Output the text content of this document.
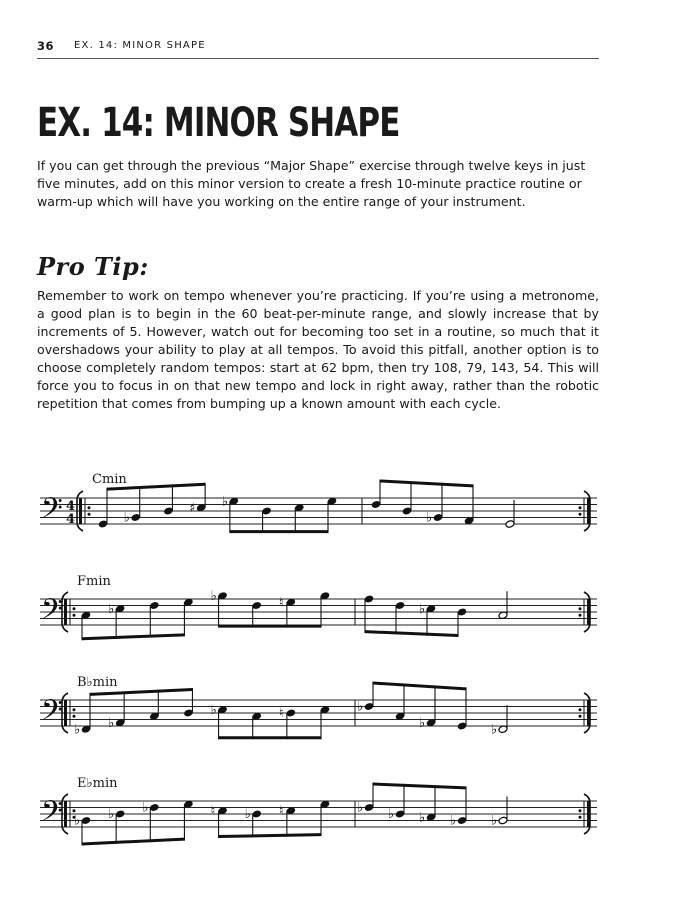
36 EX. 14: MINOR SHAPE
EX. 14: MINOR SHAPE

If you can get through the previous “Major Shape” exercise through twelve keys in just five minutes, add on this minor version to create a fresh 10-minute practice routine or warm-up which will have you working on the entire range of your instrument.

Pro Tip:

Remember to work on tempo whenever you’re practicing. If you’re using a metronome, a good plan is to begin in the 60 beat-per-minute range, and slowly increase that by increments of 5. However, watch out for becoming too set in a routine, so much that it overshadows your ability to play at all tempos. To avoid this pitfall, another option is to choose completely random tempos: start at 62 bpm, then try 108, 79, 143, 54. This will force you to focus in on that new tempo and lock in right away, rather than the robotic repetition that comes from bumping up a known amount with each cycle.

Cmin
Fmin
B♭min
E♭min
𝄢 4
4	♭
♯ ♭
♭
𝄢	♭
♭	♮	♭
𝄢 ♭ ♭
♭	♮	♭
♭	♭
𝄢 ♭ ♭ ♭	♮ ♭ ♮	♭ ♭ ♭ ♭	♭
